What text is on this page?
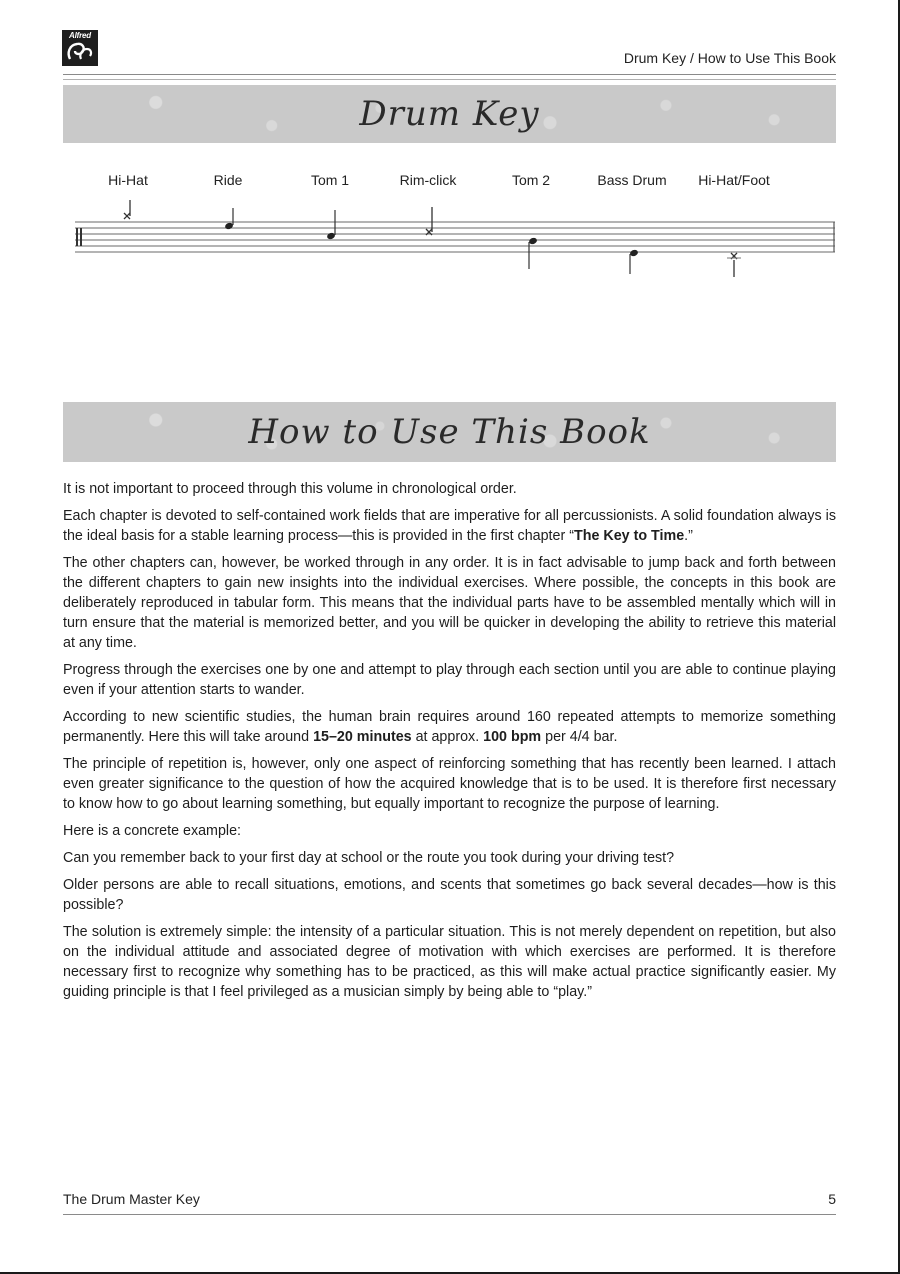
Alfred
Drum Key / How to Use This Book
Drum Key
Hi-Hat	Ride	Tom 1	Rim-click	Tom 2	Bass Drum Hi-Hat/Foot
How to Use This Book

It is not important to proceed through this volume in chronological order.

Each chapter is devoted to self-contained work fields that are imperative for all percussionists. A solid foundation always is the ideal basis for a stable learning process—this is provided in the first chapter “The Key to Time.”

The other chapters can, however, be worked through in any order. It is in fact advisable to jump back and forth between the different chapters to gain new insights into the individual exercises. Where possible, the concepts in this book are deliberately reproduced in tabular form. This means that the individual parts have to be assembled mentally which will in turn ensure that the material is memorized better, and you will be quicker in developing the ability to retrieve this material at any time.

Progress through the exercises one by one and attempt to play through each section until you are able to continue playing even if your attention starts to wander.

According to new scientific studies, the human brain requires around 160 repeated attempts to memorize something permanently. Here this will take around 15–20 minutes at approx. 100 bpm per 4/4 bar.

The principle of repetition is, however, only one aspect of reinforcing something that has recently been learned. I attach even greater significance to the question of how the acquired knowledge that is to be used. It is therefore first necessary to know how to go about learning something, but equally important to recognize the purpose of learning.

Here is a concrete example:

Can you remember back to your first day at school or the route you took during your driving test?

Older persons are able to recall situations, emotions, and scents that sometimes go back several decades—how is this possible?

The solution is extremely simple: the intensity of a particular situation. This is not merely dependent on repetition, but also on the individual attitude and associated degree of motivation with which exercises are performed. It is therefore necessary first to recognize why something has to be practiced, as this will make actual practice significantly easier. My guiding principle is that I feel privileged as a musician simply by being able to “play.”

The Drum Master Key	5
